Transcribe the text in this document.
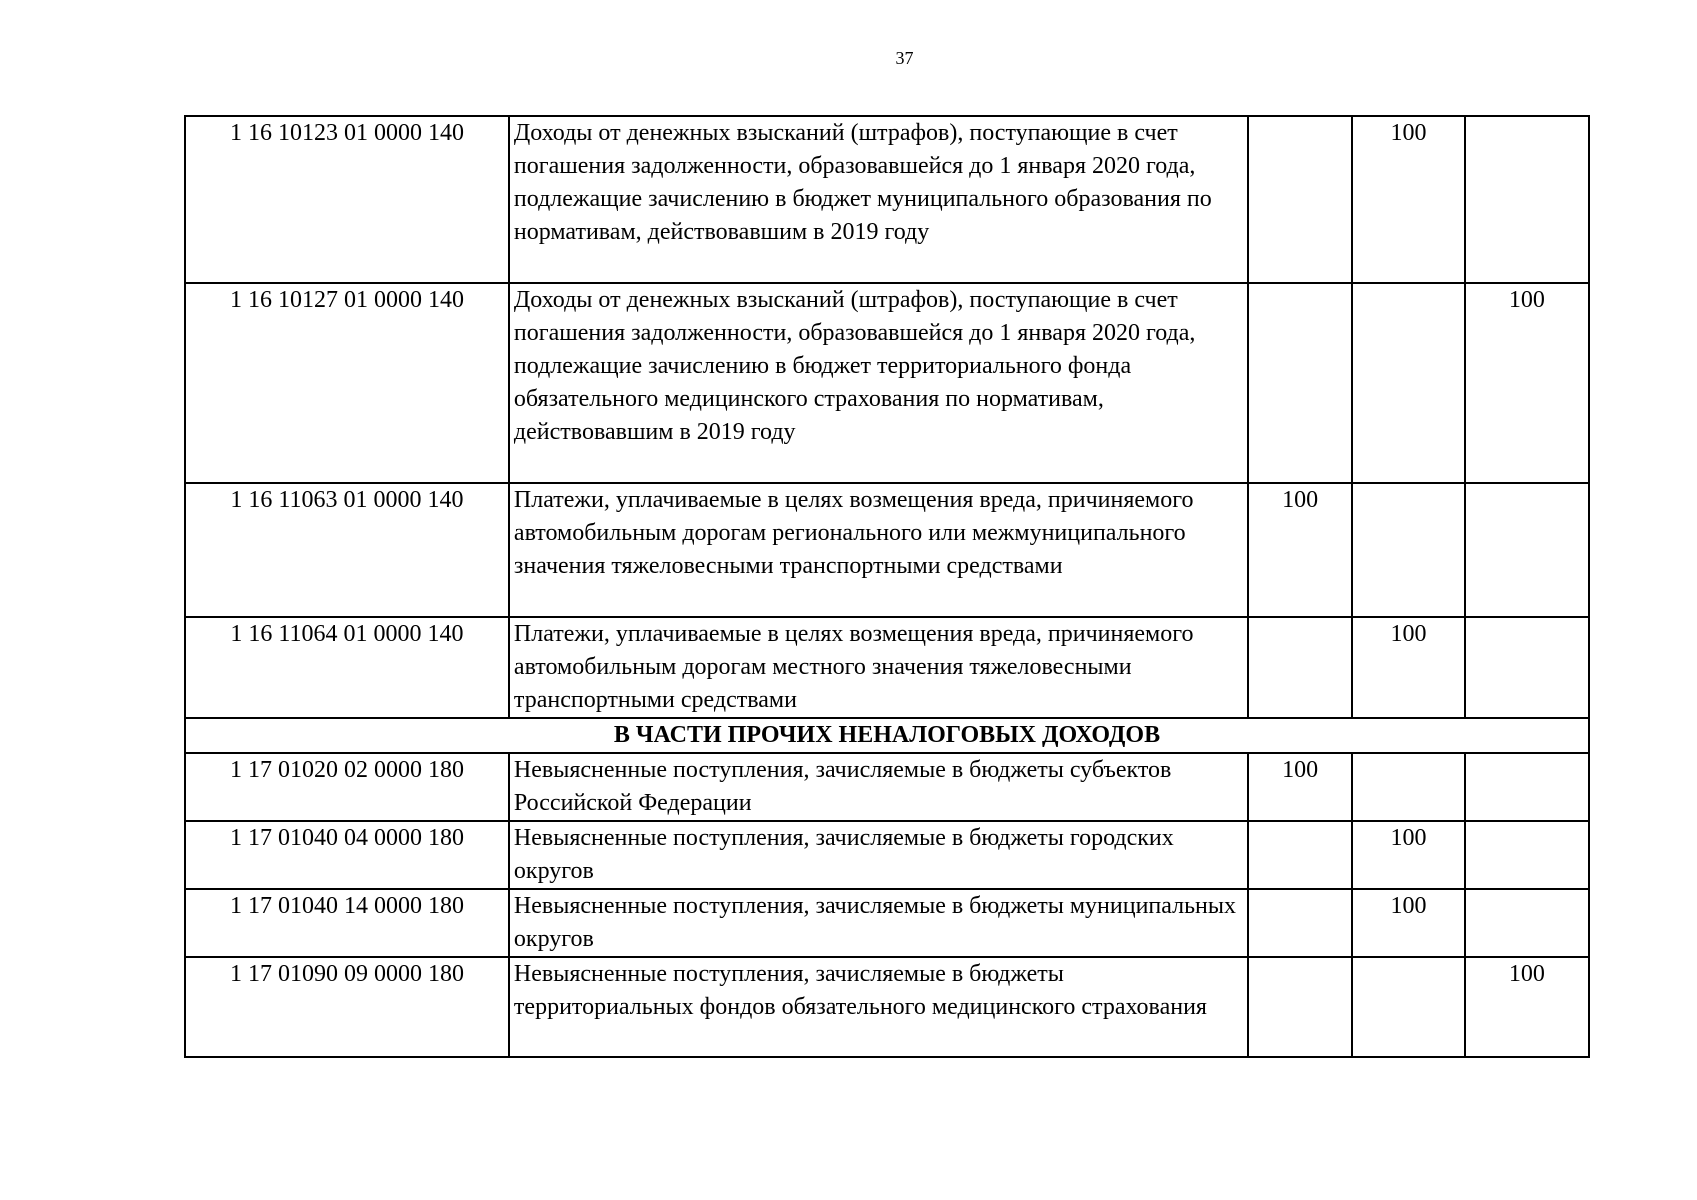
37
1 16 10123 01 0000 140	Доходы от денежных взысканий (штрафов), поступающие в счет погашения задолженности, образовавшейся до 1 января 2020 года, подлежащие зачислению в бюджет муниципального образования по нормативам, действовавшим в 2019 году		100	
1 16 10127 01 0000 140	Доходы от денежных взысканий (штрафов), поступающие в счет погашения задолженности, образовавшейся до 1 января 2020 года, подлежащие зачислению в бюджет территориального фонда обязательного медицинского страхования по нормативам, действовавшим в 2019 году			100
1 16 11063 01 0000 140	Платежи, уплачиваемые в целях возмещения вреда, причиняемого автомобильным дорогам регионального или межмуниципального значения тяжеловесными транспортными средствами	100		
1 16 11064 01 0000 140	Платежи, уплачиваемые в целях возмещения вреда, причиняемого автомобильным дорогам местного значения тяжеловесными транспортными средствами		100	
В ЧАСТИ ПРОЧИХ НЕНАЛОГОВЫХ ДОХОДОВ				
1 17 01020 02 0000 180	Невыясненные поступления, зачисляемые в бюджеты субъектов Российской Федерации	100		
1 17 01040 04 0000 180	Невыясненные поступления, зачисляемые в бюджеты городских округов		100	
1 17 01040 14 0000 180	Невыясненные поступления, зачисляемые в бюджеты муниципальных округов		100	
1 17 01090 09 0000 180	Невыясненные поступления, зачисляемые в бюджеты территориальных фондов обязательного медицинского страхования			100
